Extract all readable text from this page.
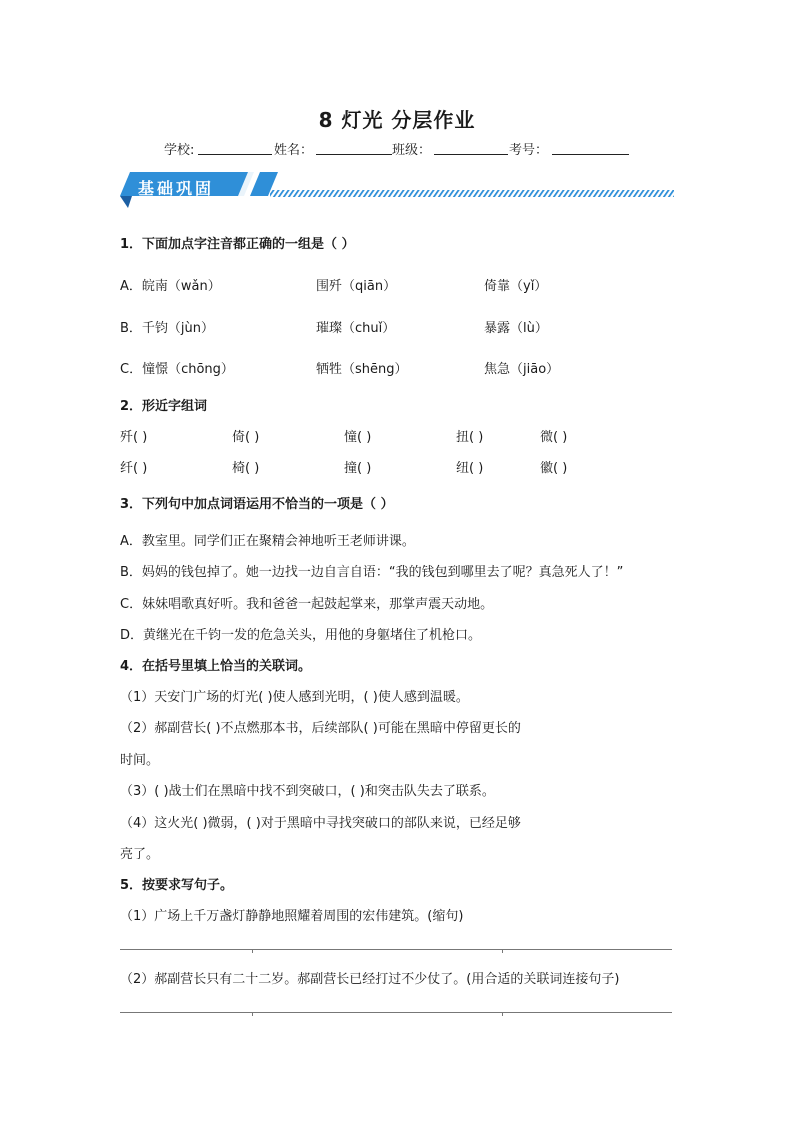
8 灯光 分层作业
学校:	姓名：	班级：	考号：
基础巩固
1．下面加点字注音都正确的一组是（ ）
A．皖南（wǎn）	围歼（qiān）	倚靠（yǐ）
B．千钧（jùn）	璀璨（chuǐ）	暴露（lù）
C．憧憬（chōng）	牺牲（shēng）	焦急（jiāo）
2．形近字组词
歼( )	倚( )	憧( )	扭( )	微( )
纤( )	椅( )	撞( )	纽( )	徽( )
3．下列句中加点词语运用不恰当的一项是（ ）
A．教室里。同学们正在聚精会神地听王老师讲课。
B．妈妈的钱包掉了。她一边找一边自言自语：“我的钱包到哪里去了呢？真急死人了！”
C．妹妹唱歌真好听。我和爸爸一起鼓起掌来，那掌声震天动地。
D．黄继光在千钧一发的危急关头，用他的身躯堵住了机枪口。
4．在括号里填上恰当的关联词。
（1）天安门广场的灯光( )使人感到光明，( )使人感到温暖。
（2）郝副营长( )不点燃那本书，后续部队( )可能在黑暗中停留更长的
时间。
（3）( )战士们在黑暗中找不到突破口，( )和突击队失去了联系。
（4）这火光( )微弱，( )对于黑暗中寻找突破口的部队来说，已经足够
亮了。
5．按要求写句子。
（1）广场上千万盏灯静静地照耀着周围的宏伟建筑。(缩句)
（2）郝副营长只有二十二岁。郝副营长已经打过不少仗了。(用合适的关联词连接句子)
